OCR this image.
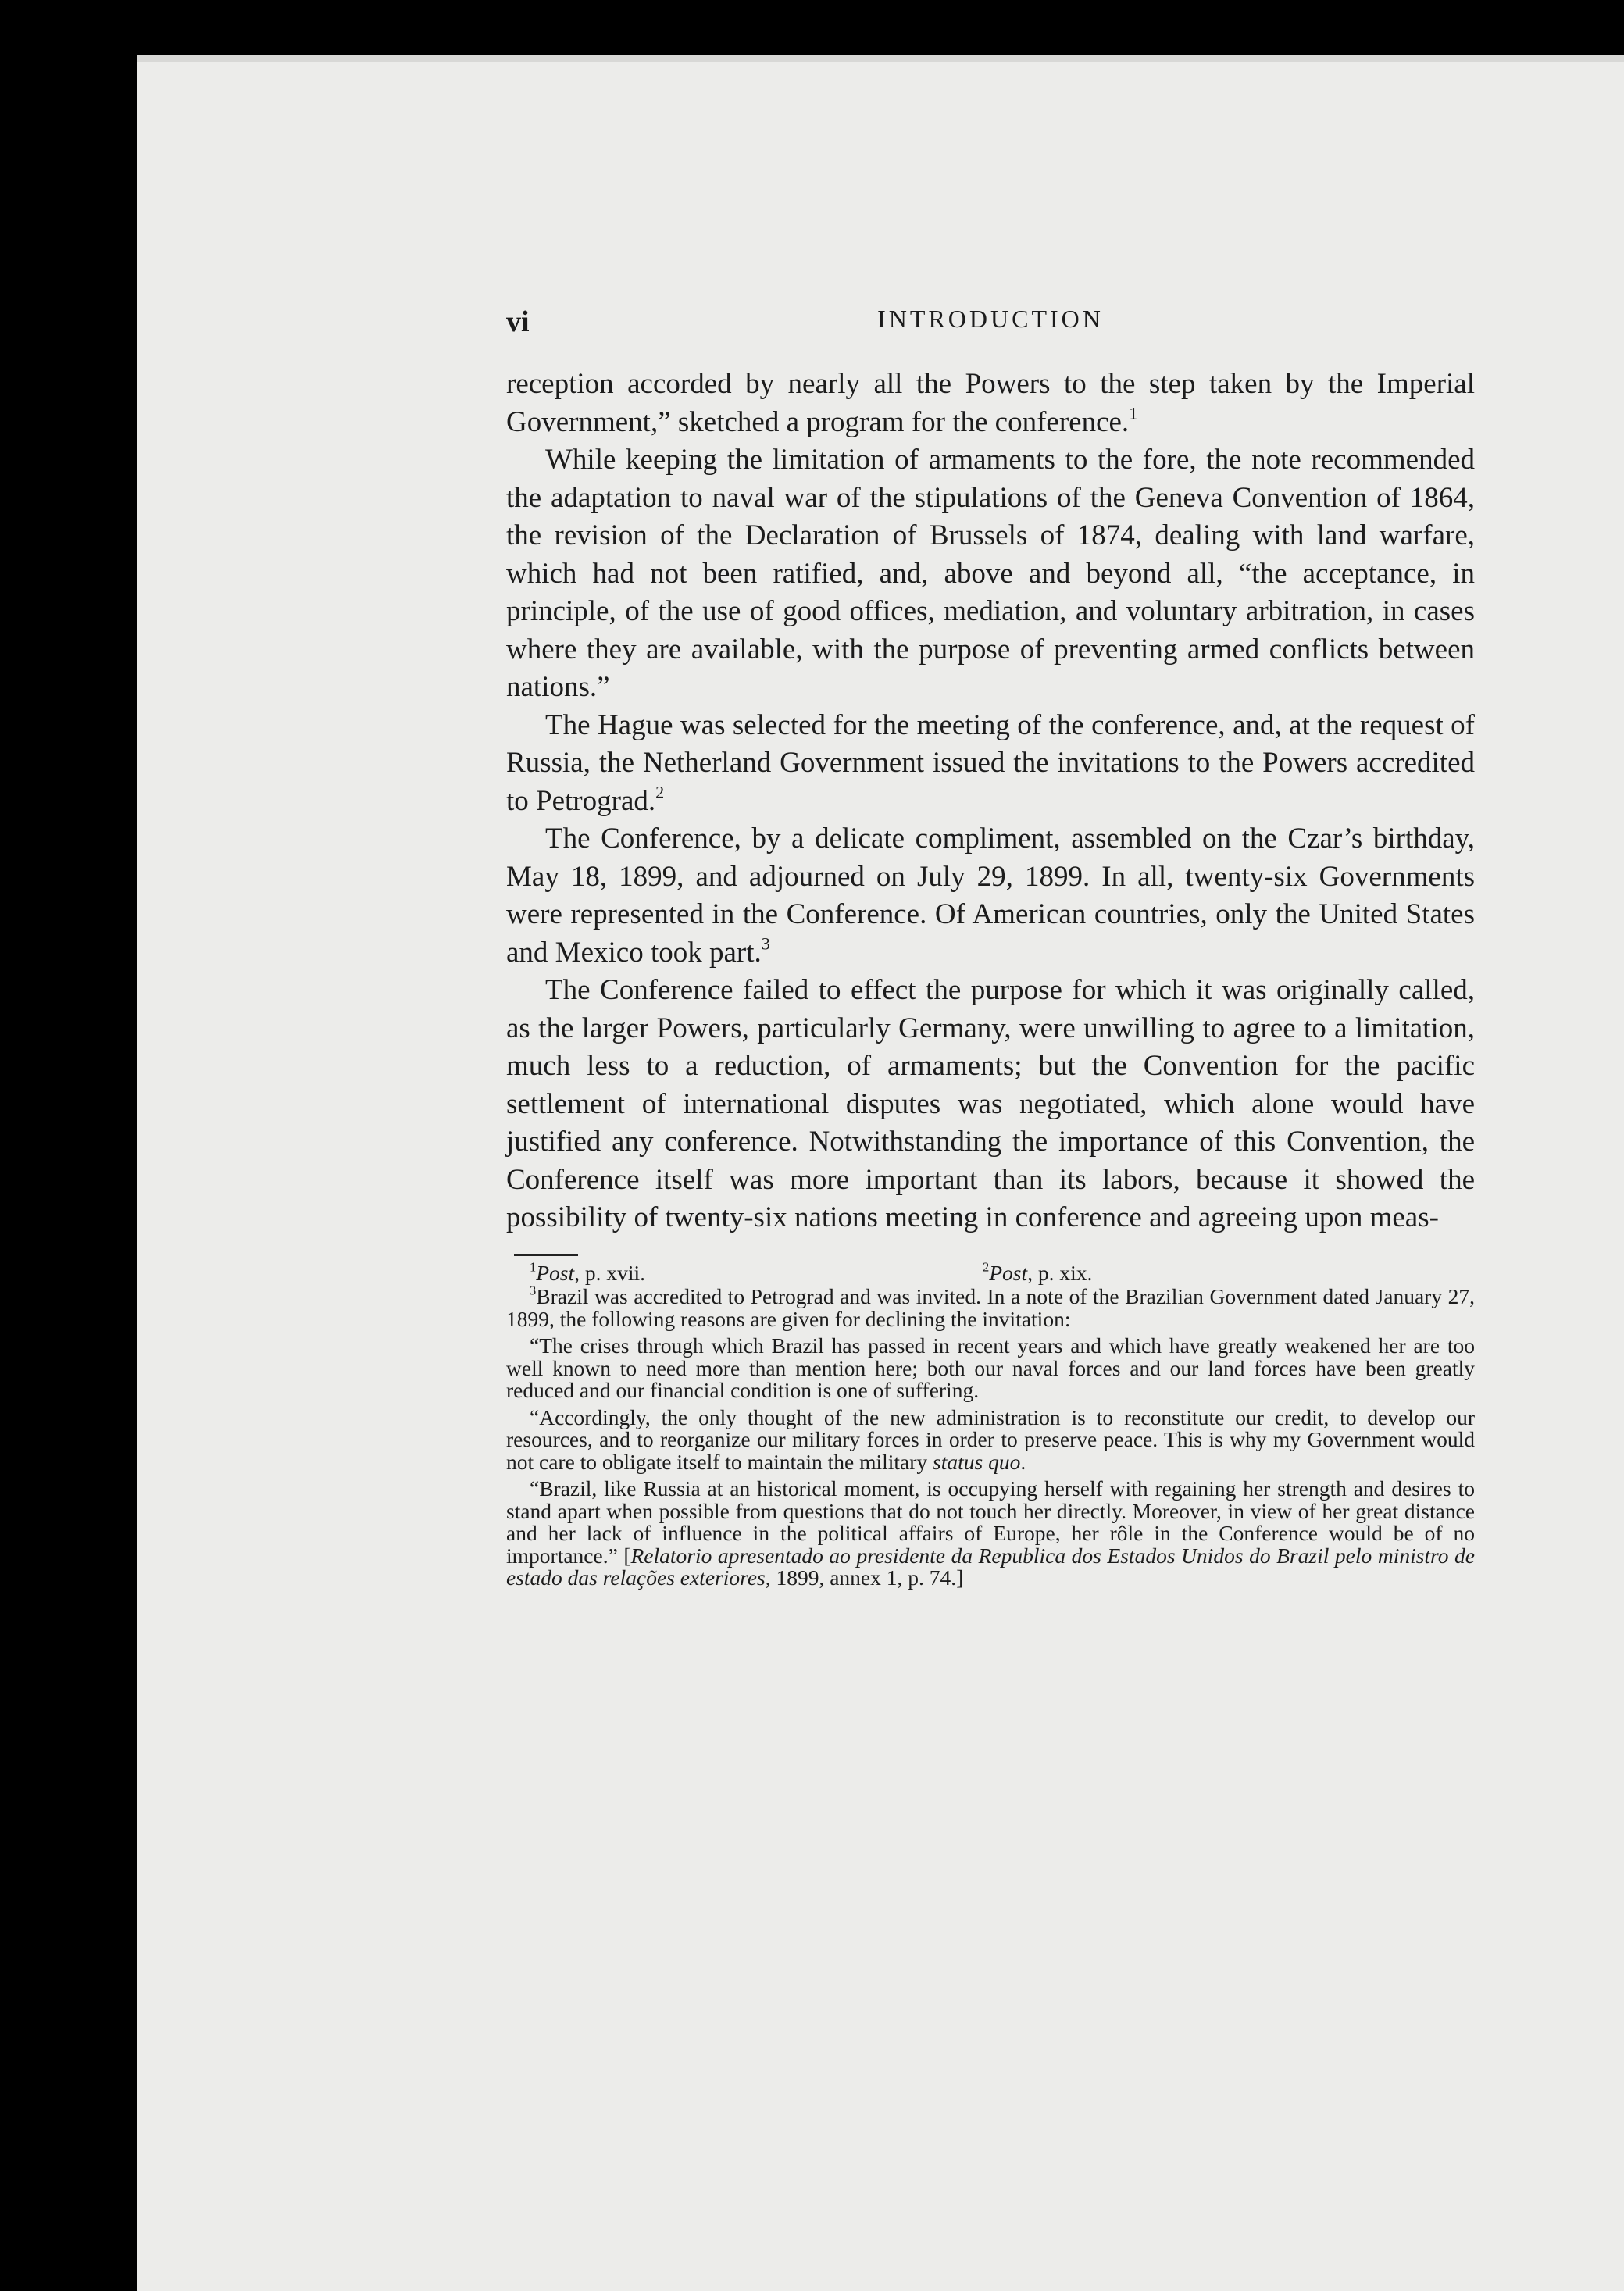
vi	INTRODUCTION

reception accorded by nearly all the Powers to the step taken by the Imperial Government,” sketched a program for the conference.$^1$

While keeping the limitation of armaments to the fore, the note recommended the adaptation to naval war of the stipulations of the Geneva Convention of 1864, the revision of the Declaration of Brussels of 1874, dealing with land warfare, which had not been ratified, and, above and beyond all, “the acceptance, in principle, of the use of good offices, mediation, and voluntary arbitration, in cases where they are available, with the purpose of preventing armed conflicts between nations.”

The Hague was selected for the meeting of the conference, and, at the request of Russia, the Netherland Government issued the invitations to the Powers accredited to Petrograd.$^2$

The Conference, by a delicate compliment, assembled on the Czar’s birthday, May 18, 1899, and adjourned on July 29, 1899. In all, twenty-six Governments were represented in the Conference. Of American countries, only the United States and Mexico took part.$^3$

The Conference failed to effect the purpose for which it was originally called, as the larger Powers, particularly Germany, were unwilling to agree to a limitation, much less to a reduction, of armaments; but the Convention for the pacific settlement of international disputes was negotiated, which alone would have justified any conference. Notwithstanding the importance of this Convention, the Conference itself was more important than its labors, because it showed the possibility of twenty-six nations meeting in conference and agreeing upon meas-

$^1$Post, p. xvii.	$^2$Post, p. xix.

$^3$Brazil was accredited to Petrograd and was invited. In a note of the Brazilian Government dated January 27, 1899, the following reasons are given for declining the invitation:

“The crises through which Brazil has passed in recent years and which have greatly weakened her are too well known to need more than mention here; both our naval forces and our land forces have been greatly reduced and our financial condition is one of suffering.

“Accordingly, the only thought of the new administration is to reconstitute our credit, to develop our resources, and to reorganize our military forces in order to preserve peace. This is why my Government would not care to obligate itself to maintain the military status quo.

“Brazil, like Russia at an historical moment, is occupying herself with regaining her strength and desires to stand apart when possible from questions that do not touch her directly. Moreover, in view of her great distance and her lack of influence in the political affairs of Europe, her rôle in the Conference would be of no importance.” [Relatorio apresentado ao presidente da Republica dos Estados Unidos do Brazil pelo ministro de estado das relações exteriores, 1899, annex 1, p. 74.]
